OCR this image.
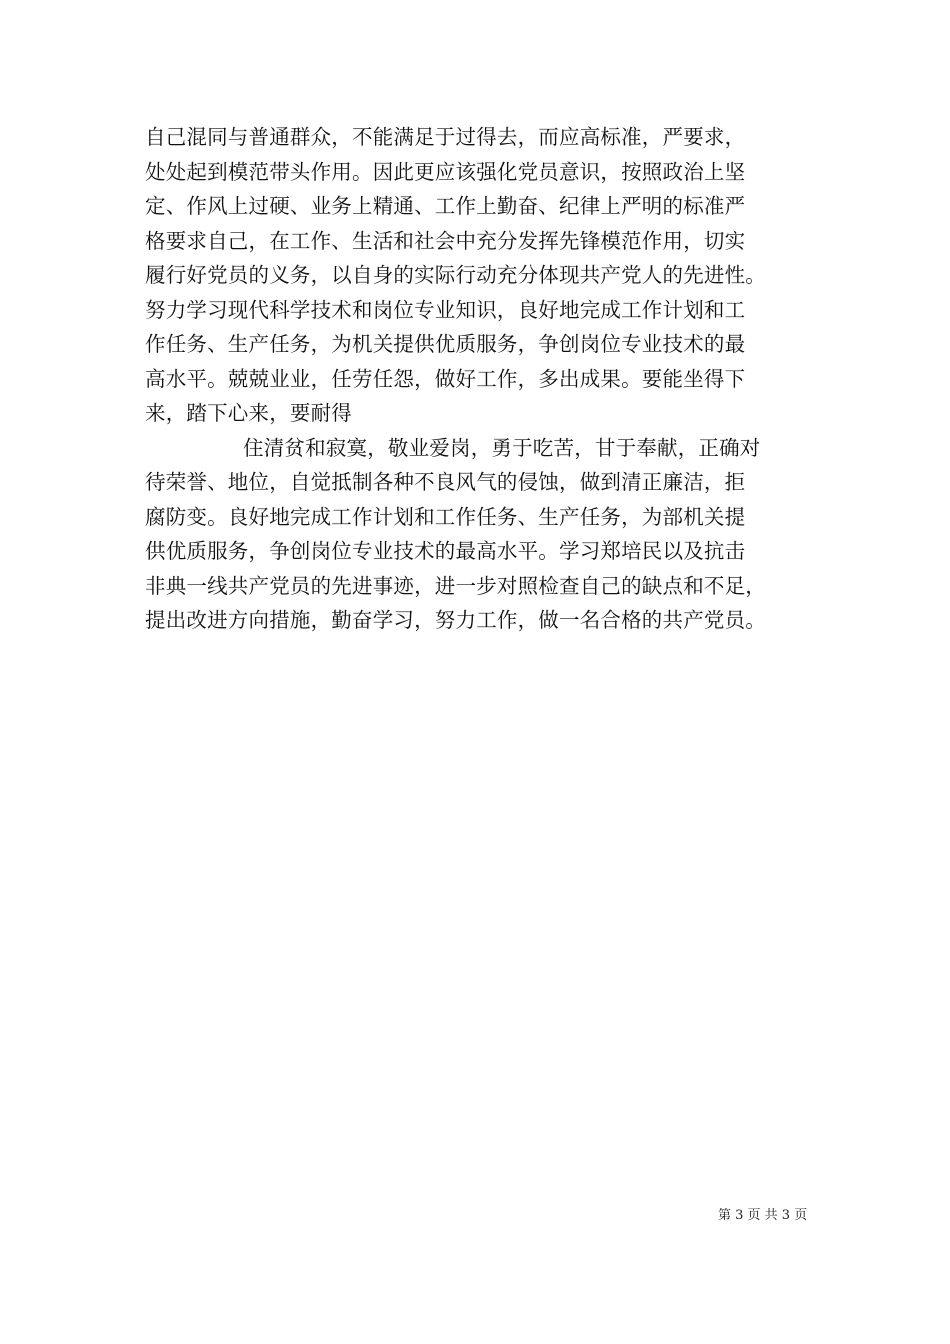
自己混同与普通群众，不能满足于过得去，而应高标准，严要求，
处处起到模范带头作用。因此更应该强化党员意识，按照政治上坚
定、作风上过硬、业务上精通、工作上勤奋、纪律上严明的标准严
格要求自己，在工作、生活和社会中充分发挥先锋模范作用，切实
履行好党员的义务，以自身的实际行动充分体现共产党人的先进性。
努力学习现代科学技术和岗位专业知识，良好地完成工作计划和工
作任务、生产任务，为机关提供优质服务，争创岗位专业技术的最
高水平。兢兢业业，任劳任怨，做好工作，多出成果。要能坐得下
来，踏下心来，要耐得
住清贫和寂寞，敬业爱岗，勇于吃苦，甘于奉献，正确对
待荣誉、地位，自觉抵制各种不良风气的侵蚀，做到清正廉洁，拒
腐防变。良好地完成工作计划和工作任务、生产任务，为部机关提
供优质服务，争创岗位专业技术的最高水平。学习郑培民以及抗击
非典一线共产党员的先进事迹，进一步对照检查自己的缺点和不足，
提出改进方向措施，勤奋学习，努力工作，做一名合格的共产党员。
第 3 页 共 3 页
